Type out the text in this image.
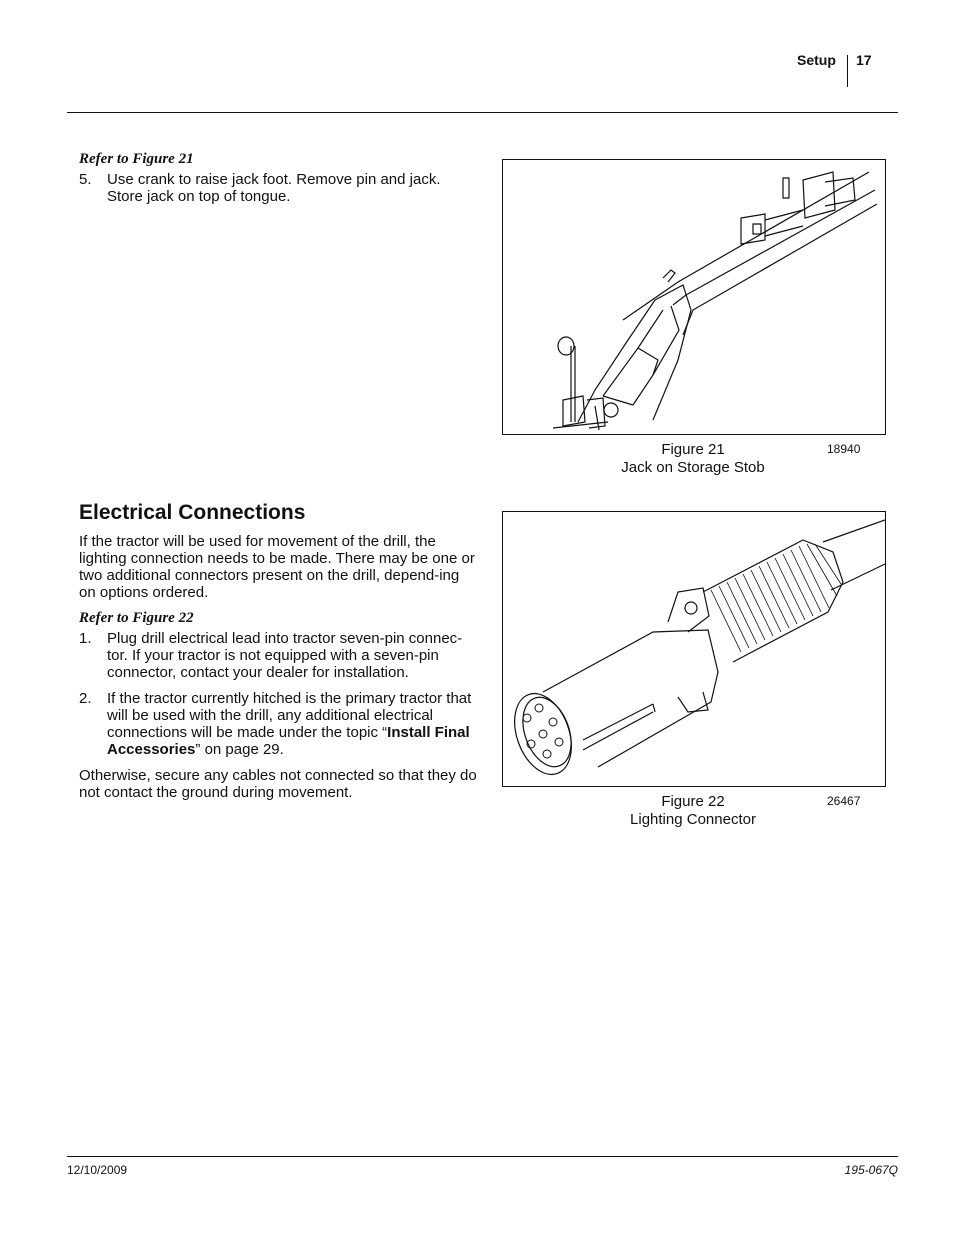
Setup 17
Refer to Figure 21
5. Use crank to raise jack foot. Remove pin and jack. Store jack on top of tongue.
Figure 21
Jack on Storage Stob
18940
Electrical Connections

If the tractor will be used for movement of the drill, the lighting connection needs to be made. There may be one or two additional connectors present on the drill, depend-ing on options ordered.

Refer to Figure 22
1. Plug drill electrical lead into tractor seven-pin connec-tor. If your tractor is not equipped with a seven-pin connector, contact your dealer for installation.
2. If the tractor currently hitched is the primary tractor that will be used with the drill, any additional electrical connections will be made under the topic “Install Final Accessories” on page 29.

Otherwise, secure any cables not connected so that they do not contact the ground during movement.

Figure 22
Lighting Connector
26467
12/10/2009	195-067Q
